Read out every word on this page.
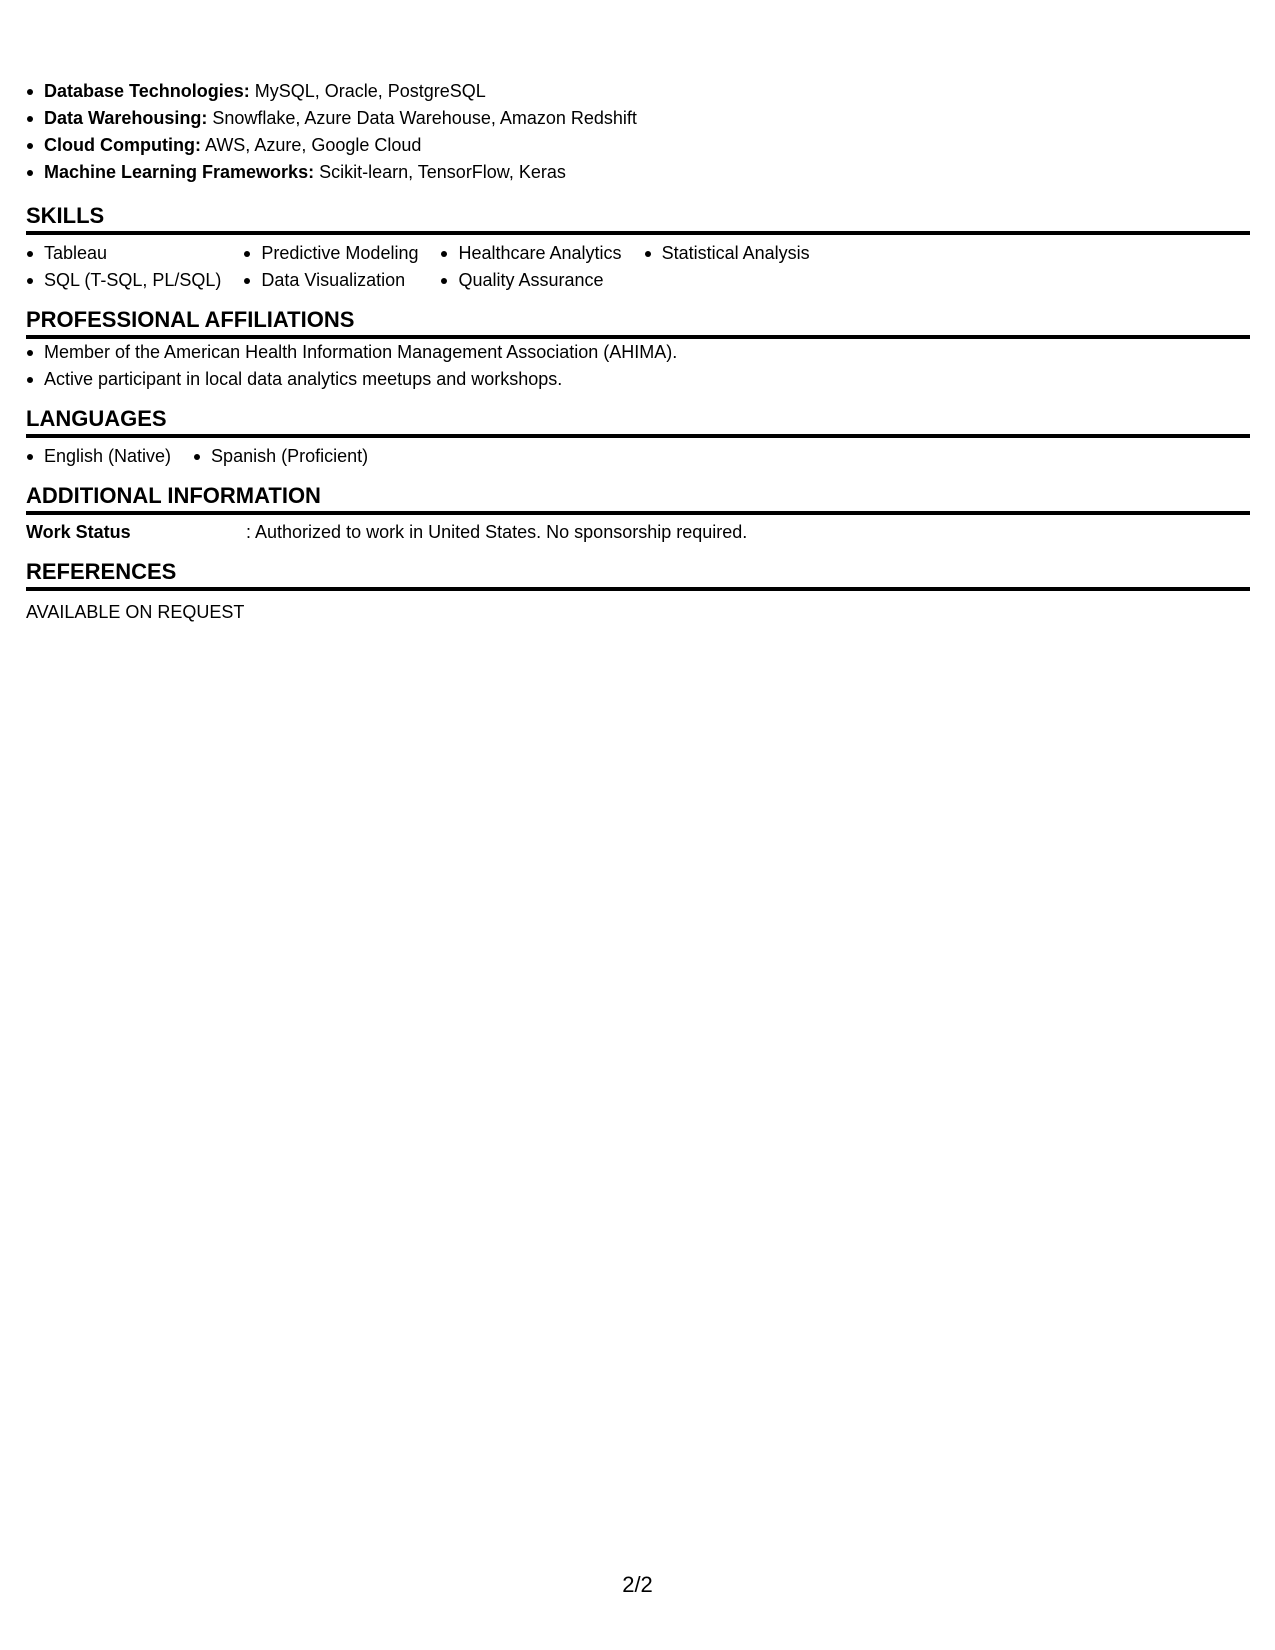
Database Technologies: MySQL, Oracle, PostgreSQL
Data Warehousing: Snowflake, Azure Data Warehouse, Amazon Redshift
Cloud Computing: AWS, Azure, Google Cloud
Machine Learning Frameworks: Scikit-learn, TensorFlow, Keras
SKILLS
Tableau
SQL (T-SQL, PL/SQL)
Predictive Modeling
Data Visualization
Healthcare Analytics
Quality Assurance
Statistical Analysis
PROFESSIONAL AFFILIATIONS
Member of the American Health Information Management Association (AHIMA).
Active participant in local data analytics meetups and workshops.
LANGUAGES
English (Native)	Spanish (Proficient)
ADDITIONAL INFORMATION
Work Status	: Authorized to work in United States. No sponsorship required.
REFERENCES
AVAILABLE ON REQUEST
2/2
